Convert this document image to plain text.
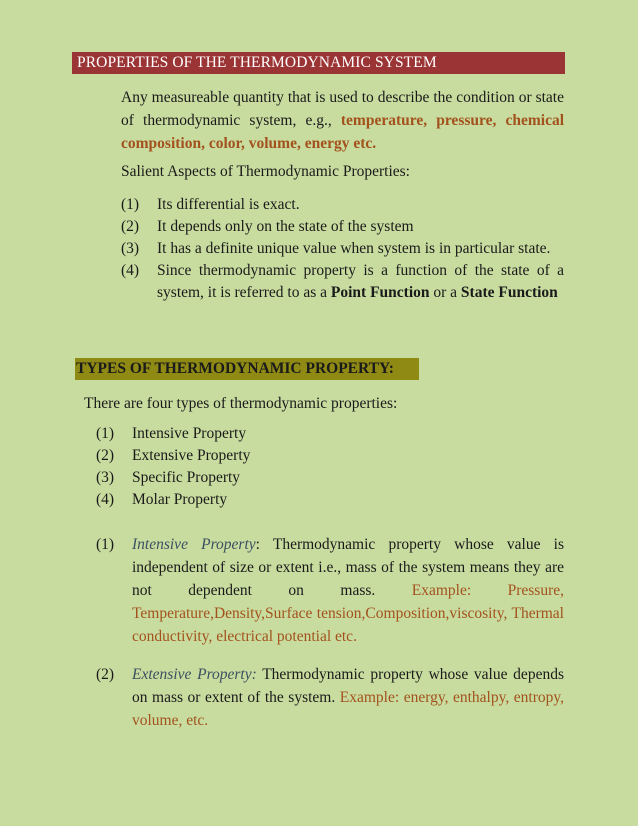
PROPERTIES OF THE THERMODYNAMIC SYSTEM
Any measureable quantity that is used to describe the condition or state of thermodynamic system, e.g., temperature, pressure, chemical composition, color, volume, energy etc.
Salient Aspects of Thermodynamic Properties:
(1)	Its differential is exact.
(2)	It depends only on the state of the system
(3)	It has a definite unique value when system is in particular state.
(4)	Since thermodynamic property is a function of the state of a system, it is referred to as a Point Function or a State Function
TYPES OF THERMODYNAMIC PROPERTY:
There are four types of thermodynamic properties:
(1)	Intensive Property
(2)	Extensive Property
(3)	Specific Property
(4)	Molar Property
(1)	Intensive Property: Thermodynamic property whose value is independent of size or extent i.e., mass of the system means they are not dependent on mass. Example: Pressure, Temperature,Density,Surface tension,Composition,viscosity, Thermal conductivity, electrical potential etc.
(2)	Extensive Property: Thermodynamic property whose value depends on mass or extent of the system. Example: energy, enthalpy, entropy, volume, etc.
